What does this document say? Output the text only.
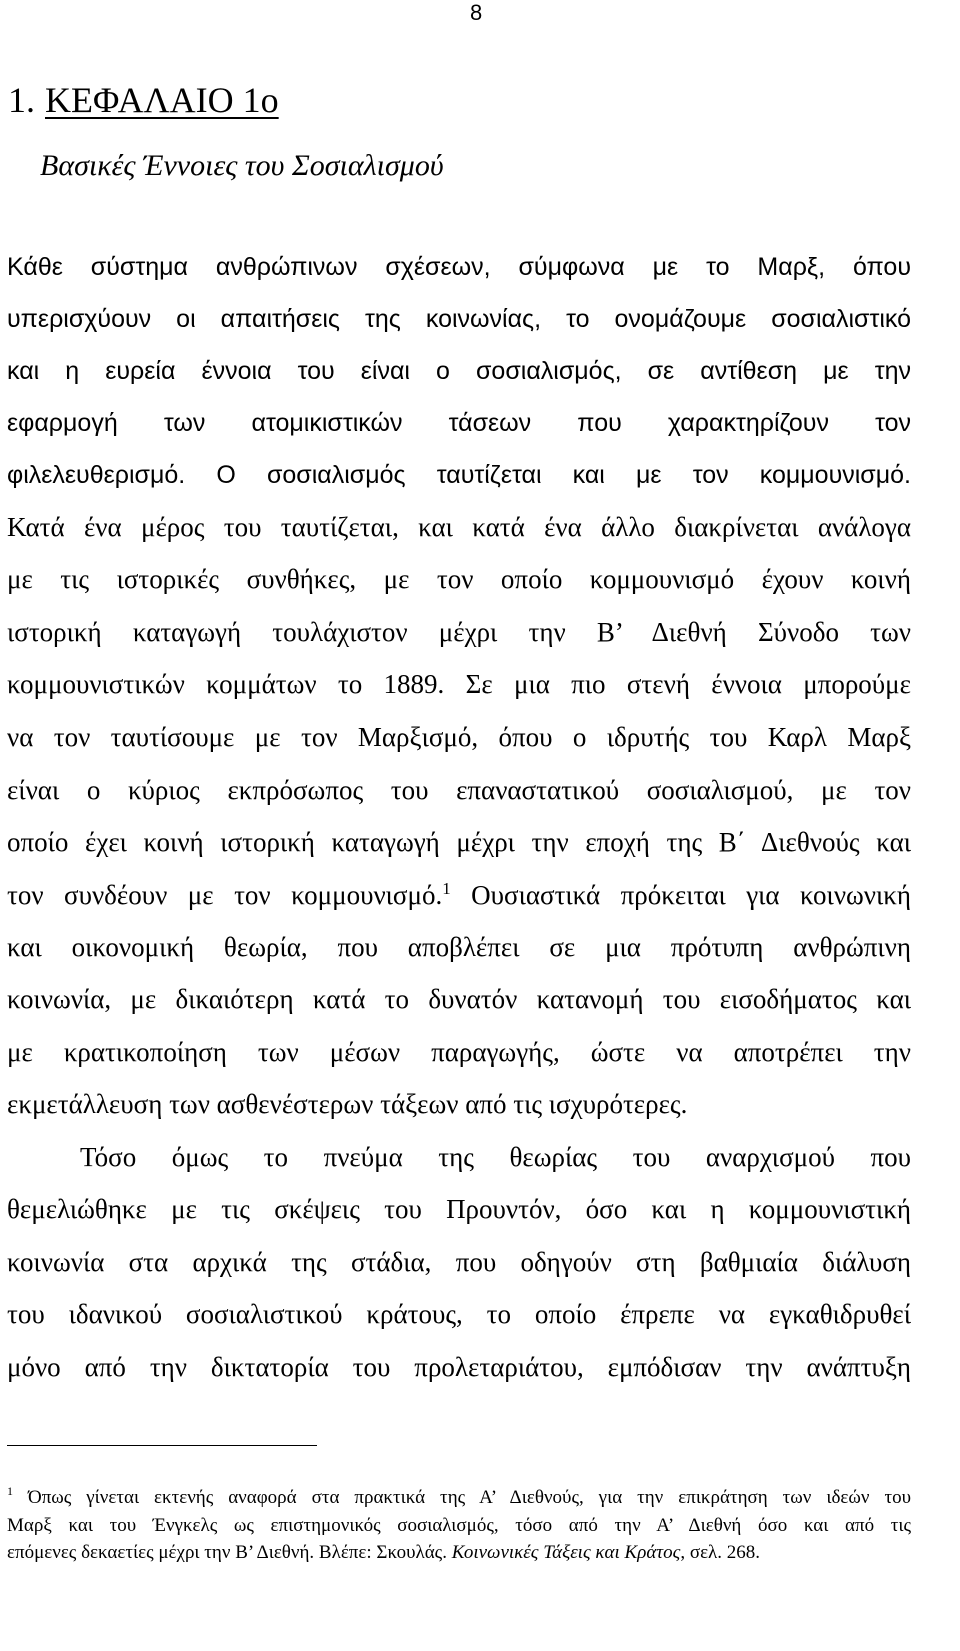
8
1. ΚΕΦΑΛΑΙΟ 1ο
Βασικές Έννοιες του Σοσιαλισμού
Κάθε σύστημα ανθρώπινων σχέσεων, σύμφωνα με το Μαρξ, όπου
υπερισχύουν οι απαιτήσεις της κοινωνίας, το ονομάζουμε σοσιαλιστικό
και η ευρεία έννοια του είναι ο σοσιαλισμός, σε αντίθεση με την
εφαρμογή των ατομικιστικών τάσεων που χαρακτηρίζουν τον
φιλελευθερισμό. Ο σοσιαλισμός ταυτίζεται και με τον κομμουνισμό.
Κατά ένα μέρος του ταυτίζεται, και κατά ένα άλλο διακρίνεται ανάλογα
με τις ιστορικές συνθήκες, με τον οποίο κομμουνισμό έχουν κοινή
ιστορική καταγωγή τουλάχιστον μέχρι την Β’ Διεθνή Σύνοδο των
κομμουνιστικών κομμάτων το 1889. Σε μια πιο στενή έννοια μπορούμε
να τον ταυτίσουμε με τον Μαρξισμό, όπου ο ιδρυτής του Καρλ Μαρξ
είναι ο κύριος εκπρόσωπος του επαναστατικού σοσιαλισμού, με τον
οποίο έχει κοινή ιστορική καταγωγή μέχρι την εποχή της Β΄ Διεθνούς και
τον συνδέουν με τον κομμουνισμό.$^1$ Ουσιαστικά πρόκειται για κοινωνική
και οικονομική θεωρία, που αποβλέπει σε μια πρότυπη ανθρώπινη
κοινωνία, με δικαιότερη κατά το δυνατόν κατανομή του εισοδήματος και
με κρατικοποίηση των μέσων παραγωγής, ώστε να αποτρέπει την
εκμετάλλευση των ασθενέστερων τάξεων από τις ισχυρότερες.
Τόσο όμως το πνεύμα της θεωρίας του αναρχισμού που
θεμελιώθηκε με τις σκέψεις του Προυντόν, όσο και η κομμουνιστική
κοινωνία στα αρχικά της στάδια, που οδηγούν στη βαθμιαία διάλυση
του ιδανικού σοσιαλιστικού κράτους, το οποίο έπρεπε να εγκαθιδρυθεί
μόνο από την δικτατορία του προλεταριάτου, εμπόδισαν την ανάπτυξη
$^1$ Όπως γίνεται εκτενής αναφορά στα πρακτικά της Α’ Διεθνούς, για την επικράτηση των ιδεών του
Μαρξ και του Ένγκελς ως επιστημονικός σοσιαλισμός, τόσο από την Α’ Διεθνή όσο και από τις
επόμενες δεκαετίες μέχρι την Β’ Διεθνή. Βλέπε: Σκουλάς. Κοινωνικές Τάξεις και Κράτος, σελ. 268.
